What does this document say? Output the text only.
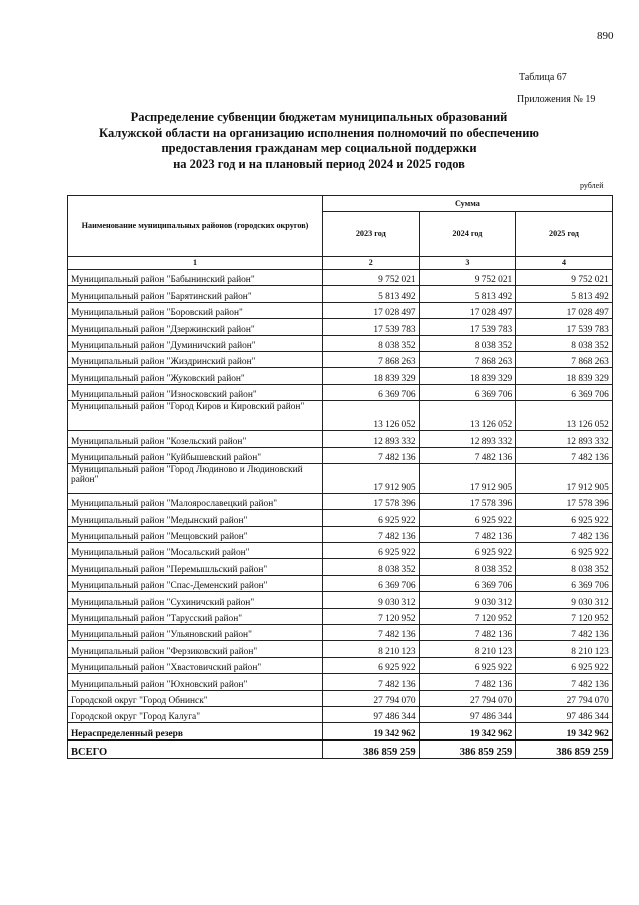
890
Таблица 67
Приложения № 19
Распределение субвенции бюджетам муниципальных образований
Калужской области на организацию исполнения полномочий по обеспечению
предоставления гражданам мер социальной поддержки
на 2023 год и на плановый период 2024 и 2025 годов
рублей
Наименование муниципальных районов (городских округов)	Сумма		
	2023 год	2024 год	2025 год
1	2	3	4
Муниципальный район "Бабынинский район"	9 752 021	9 752 021	9 752 021
Муниципальный район "Барятинский район"	5 813 492	5 813 492	5 813 492
Муниципальный район "Боровский район"	17 028 497	17 028 497	17 028 497
Муниципальный район "Дзержинский район"	17 539 783	17 539 783	17 539 783
Муниципальный район "Думиничский район"	8 038 352	8 038 352	8 038 352
Муниципальный район "Жиздринский район"	7 868 263	7 868 263	7 868 263
Муниципальный район "Жуковский район"	18 839 329	18 839 329	18 839 329
Муниципальный район "Износковский район"	6 369 706	6 369 706	6 369 706
Муниципальный район "Город Киров и Кировский район"	13 126 052	13 126 052	13 126 052
Муниципальный район "Козельский район"	12 893 332	12 893 332	12 893 332
Муниципальный район "Куйбышевский район"	7 482 136	7 482 136	7 482 136
Муниципальный район "Город Людиново и Людиновский район"	17 912 905	17 912 905	17 912 905
Муниципальный район "Малоярославецкий район"	17 578 396	17 578 396	17 578 396
Муниципальный район "Медынский район"	6 925 922	6 925 922	6 925 922
Муниципальный район "Мещовский район"	7 482 136	7 482 136	7 482 136
Муниципальный район "Мосальский район"	6 925 922	6 925 922	6 925 922
Муниципальный район "Перемышльский район"	8 038 352	8 038 352	8 038 352
Муниципальный район "Спас-Деменский район"	6 369 706	6 369 706	6 369 706
Муниципальный район "Сухиничский район"	9 030 312	9 030 312	9 030 312
Муниципальный район "Тарусский район"	7 120 952	7 120 952	7 120 952
Муниципальный район "Ульяновский район"	7 482 136	7 482 136	7 482 136
Муниципальный район "Ферзиковский район"	8 210 123	8 210 123	8 210 123
Муниципальный район "Хвастовичский район"	6 925 922	6 925 922	6 925 922
Муниципальный район "Юхновский район"	7 482 136	7 482 136	7 482 136
Городской округ "Город Обнинск"	27 794 070	27 794 070	27 794 070
Городской округ "Город Калуга"	97 486 344	97 486 344	97 486 344
Нераспределенный резерв	19 342 962	19 342 962	19 342 962
ВСЕГО	386 859 259	386 859 259	386 859 259
